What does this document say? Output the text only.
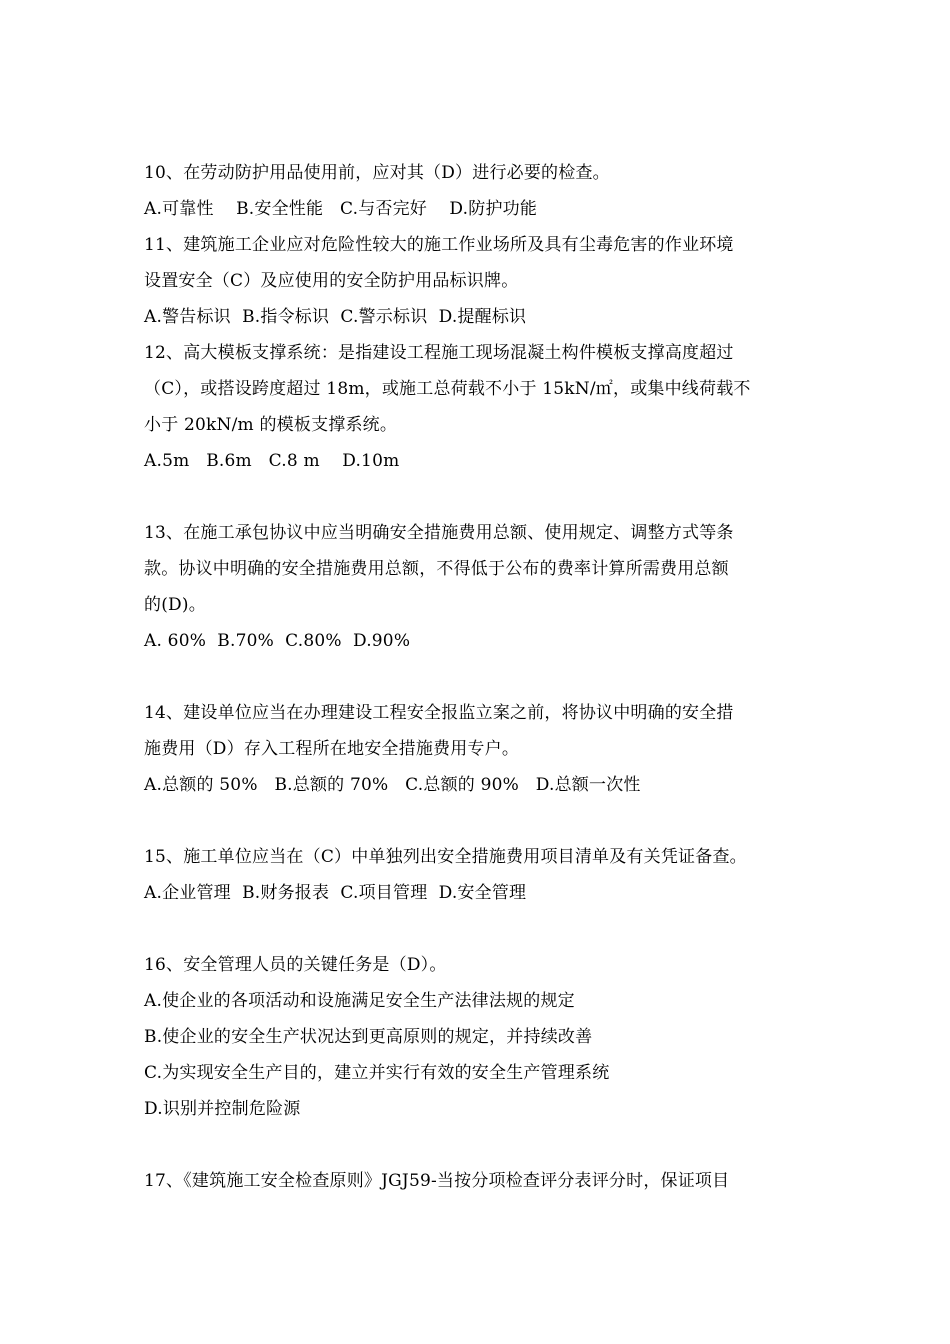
10、在劳动防护用品使用前，应对其（D）进行必要的检查。
A.可靠性    B.安全性能   C.与否完好    D.防护功能
11、建筑施工企业应对危险性较大的施工作业场所及具有尘毒危害的作业环境
设置安全（C）及应使用的安全防护用品标识牌。
A.警告标识  B.指令标识  C.警示标识  D.提醒标识
12、高大模板支撑系统：是指建设工程施工现场混凝土构件模板支撑高度超过
（C），或搭设跨度超过 18m，或施工总荷载不小于 15kN/㎡，或集中线荷载不
小于 20kN/m 的模板支撑系统。
A.5m   B.6m   C.8 m    D.10m
13、在施工承包协议中应当明确安全措施费用总额、使用规定、调整方式等条
款。协议中明确的安全措施费用总额，不得低于公布的费率计算所需费用总额
的(D)。
A. 60%  B.70%  C.80%  D.90%
14、建设单位应当在办理建设工程安全报监立案之前，将协议中明确的安全措
施费用（D）存入工程所在地安全措施费用专户。
A.总额的 50%   B.总额的 70%   C.总额的 90%   D.总额一次性
15、施工单位应当在（C）中单独列出安全措施费用项目清单及有关凭证备查。
A.企业管理  B.财务报表  C.项目管理  D.安全管理
16、安全管理人员的关键任务是（D）。
A.使企业的各项活动和设施满足安全生产法律法规的规定
B.使企业的安全生产状况达到更高原则的规定，并持续改善
C.为实现安全生产目的，建立并实行有效的安全生产管理系统
D.识别并控制危险源
17、《建筑施工安全检查原则》JGJ59-当按分项检查评分表评分时，保证项目
